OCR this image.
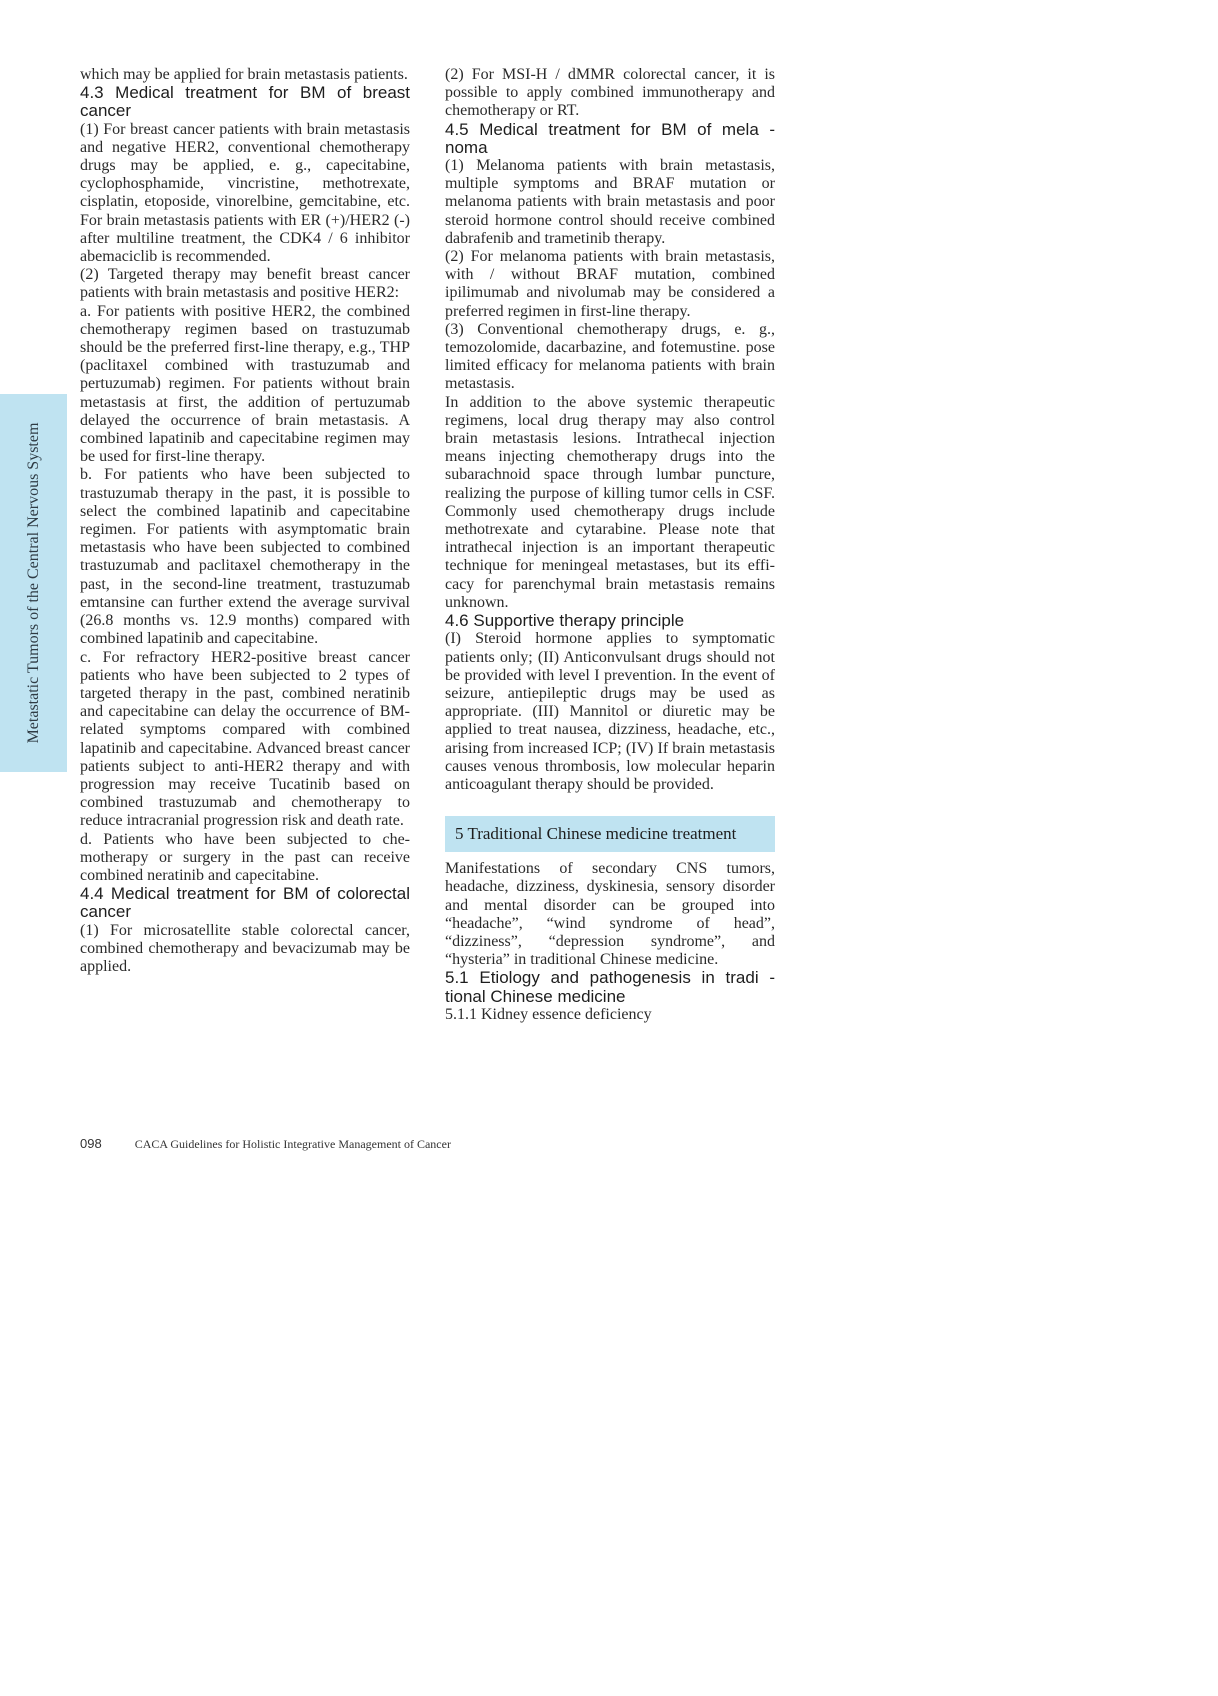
Metastatic Tumors of the Central Nervous System

which may be applied for brain metastasis patients.

4.3 Medical treatment for BM of breast cancer

(1) For breast cancer patients with brain metastasis and negative HER2, conventional chemotherapy drugs may be applied, e. g., capecitabine, cyclophosphamide, vincristine, methotrexate, cisplatin, etoposide, vinorelbine, gemcitabine, etc. For brain metastasis patients with ER (+)/HER2 (-) after multiline treatment, the CDK4 / 6 inhibitor abemaciclib is recommended.

(2) Targeted therapy may benefit breast cancer patients with brain metastasis and positive HER2:

a. For patients with positive HER2, the combined chemotherapy regimen based on trastuzumab should be the preferred first-line therapy, e.g., THP (paclitaxel combined with trastuzumab and pertuzumab) regimen. For patients without brain metastasis at first, the addition of pertuzumab delayed the occurrence of brain metastasis. A combined lapatinib and capecitabine regimen may be used for first-line therapy.

b. For patients who have been subjected to trastuzumab therapy in the past, it is possible to select the combined lapatinib and capecitabine regimen. For patients with asymptomatic brain metastasis who have been subjected to combined trastuzumab and paclitaxel chemotherapy in the past, in the second-line treatment, trastuzumab emtansine can further extend the average survival (26.8 months vs. 12.9 months) compared with combined lapatinib and capecitabine.

c. For refractory HER2-positive breast cancer patients who have been subjected to 2 types of targeted therapy in the past, combined neratinib and capecitabine can delay the occurrence of BM-related symptoms compared with combined lapatinib and capecitabine. Advanced breast cancer patients subject to anti-HER2 therapy and with progression may receive Tucatinib based on combined trastuzumab and chemotherapy to reduce intracranial progression risk and death rate.

d. Patients who have been subjected to chemotherapy or surgery in the past can receive combined neratinib and capecitabine.

4.4 Medical treatment for BM of colorectal cancer

(1) For microsatellite stable colorectal cancer, combined chemotherapy and bevacizumab may be applied.

(2) For MSI-H / dMMR colorectal cancer, it is possible to apply combined immunotherapy and chemotherapy or RT.

4.5 Medical treatment for BM of mela - noma

(1) Melanoma patients with brain metastasis, multiple symptoms and BRAF mutation or melanoma patients with brain metastasis and poor steroid hormone control should receive combined dabrafenib and trametinib therapy.

(2) For melanoma patients with brain metastasis, with / without BRAF mutation, combined ipilimumab and nivolumab may be considered a preferred regimen in first-line therapy.

(3) Conventional chemotherapy drugs, e. g., temozolomide, dacarbazine, and fotemustine. pose limited efficacy for melanoma patients with brain metastasis.

In addition to the above systemic therapeutic regimens, local drug therapy may also control brain metastasis lesions. Intrathecal injection means injecting chemotherapy drugs into the subarachnoid space through lumbar puncture, realizing the purpose of killing tumor cells in CSF. Commonly used chemotherapy drugs include methotrexate and cytarabine. Please note that intrathecal injection is an important therapeutic technique for meningeal metastases, but its efficacy for parenchymal brain metastasis remains unknown.

4.6 Supportive therapy principle

(I) Steroid hormone applies to symptomatic patients only; (II) Anticonvulsant drugs should not be provided with level I prevention. In the event of seizure, antiepileptic drugs may be used as appropriate. (III) Mannitol or diuretic may be applied to treat nausea, dizziness, headache, etc., arising from increased ICP; (IV) If brain metastasis causes venous thrombosis, low molecular heparin anticoagulant therapy should be provided.

5 Traditional Chinese medicine treatment

Manifestations of secondary CNS tumors, headache, dizziness, dyskinesia, sensory disorder and mental disorder can be grouped into “headache”, “wind syndrome of head”, “dizziness”, “depression syndrome”, and “hysteria” in traditional Chinese medicine.

5.1 Etiology and pathogenesis in tradi - tional Chinese medicine

5.1.1 Kidney essence deficiency

098	CACA Guidelines for Holistic Integrative Management of Cancer
